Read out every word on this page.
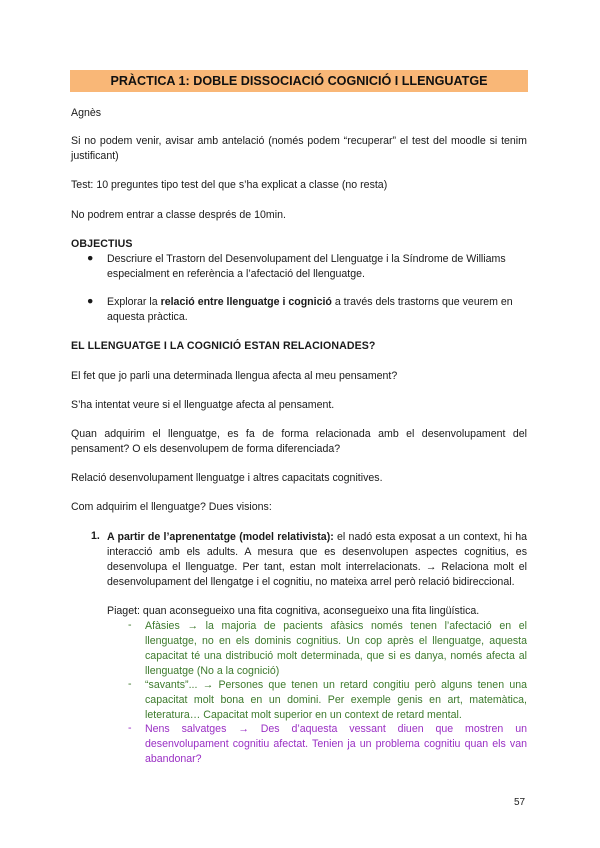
PRÀCTICA 1: DOBLE DISSOCIACIÓ COGNICIÓ I LLENGUATGE
Agnès
Si no podem venir, avisar amb antelació (només podem “recuperar” el test del moodle si tenim justificant)
Test: 10 preguntes tipo test del que s’ha explicat a classe (no resta)
No podrem entrar a classe després de 10min.
OBJECTIUS
● Descriure el Trastorn del Desenvolupament del Llenguatge i la Síndrome de Williams especialment en referència a l’afectació del llenguatge.
● Explorar la relació entre llenguatge i cognició a través dels trastorns que veurem en aquesta pràctica.
EL LLENGUATGE I LA COGNICIÓ ESTAN RELACIONADES?
El fet que jo parli una determinada llengua afecta al meu pensament?
S’ha intentat veure si el llenguatge afecta al pensament.
Quan adquirim el llenguatge, es fa de forma relacionada amb el desenvolupament del pensament? O els desenvolupem de forma diferenciada?
Relació desenvolupament llenguatge i altres capacitats cognitives.
Com adquirim el llenguatge? Dues visions:
1. A partir de l’aprenentatge (model relativista): el nadó esta exposat a un context, hi ha interacció amb els adults. A mesura que es desenvolupen aspectes cognitius, es desenvolupa el llenguatge. Per tant, estan molt interrelacionats. → Relaciona molt el desenvolupament del llengatge i el cognitiu, no mateixa arrel però relació bidireccional.
Piaget: quan aconsegueixo una fita cognitiva, aconsegueixo una fita lingüística.
- Afàsies → la majoria de pacients afàsics només tenen l’afectació en el llenguatge, no en els dominis cognitius. Un cop après el llenguatge, aquesta capacitat té una distribució molt determinada, que si es danya, només afecta al llenguatge (No a la cognició)
- “savants”... → Persones que tenen un retard congitiu però alguns tenen una capacitat molt bona en un domini. Per exemple genis en art, matemàtica, leteratura… Capacitat molt superior en un context de retard mental.
- Nens salvatges → Des d’aquesta vessant diuen que mostren un desenvolupament cognitiu afectat. Tenien ja un problema cognitiu quan els van abandonar?
57
